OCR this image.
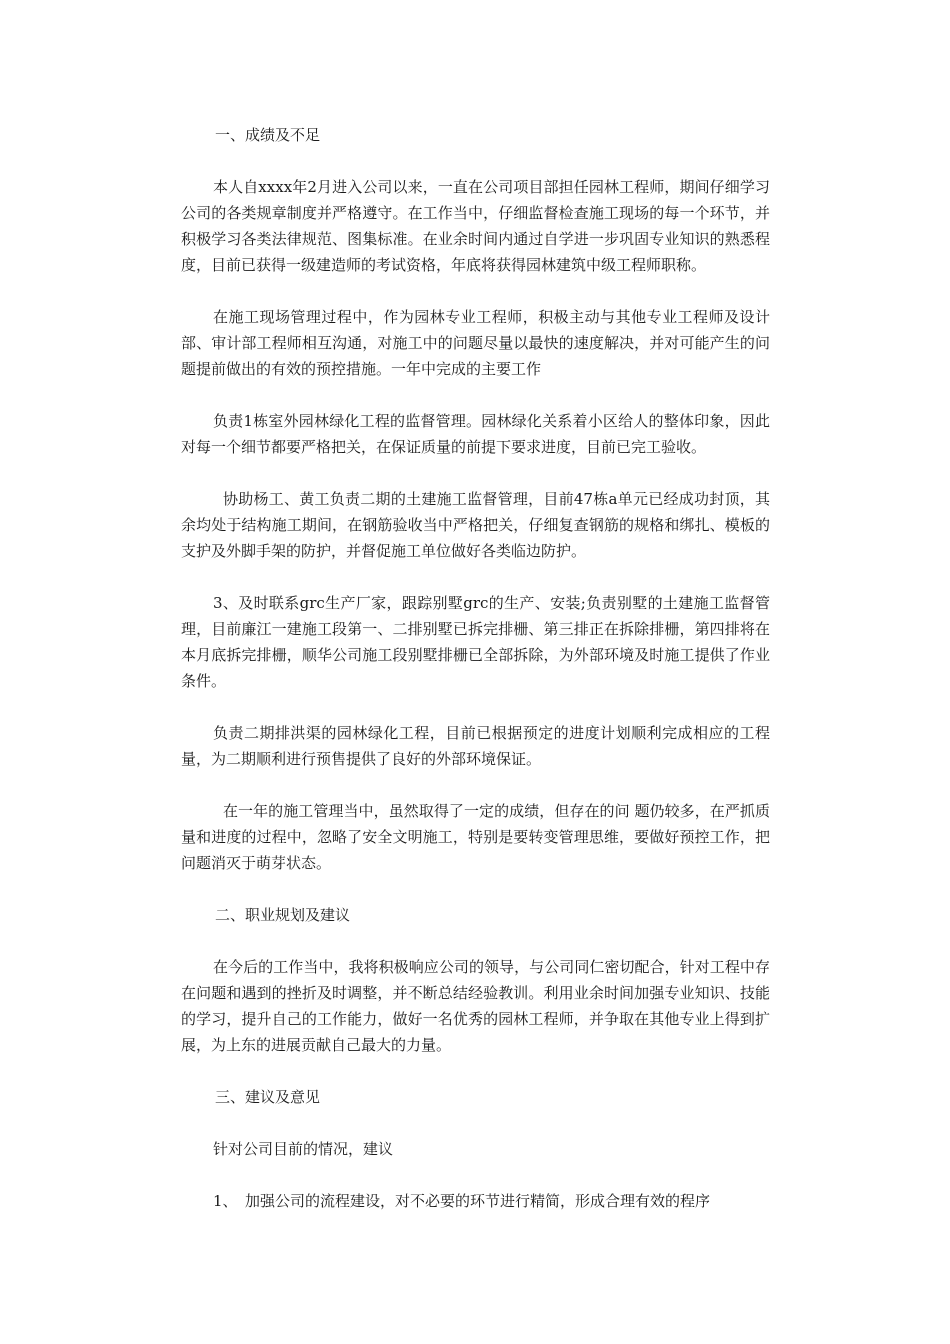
一、成绩及不足

本人自xxxx年2月进入公司以来，一直在公司项目部担任园林工程师，期间仔细学习公司的各类规章制度并严格遵守。在工作当中，仔细监督检查施工现场的每一个环节，并积极学习各类法律规范、图集标准。在业余时间内通过自学进一步巩固专业知识的熟悉程度，目前已获得一级建造师的考试资格，年底将获得园林建筑中级工程师职称。

在施工现场管理过程中，作为园林专业工程师，积极主动与其他专业工程师及设计部、审计部工程师相互沟通，对施工中的问题尽量以最快的速度解决，并对可能产生的问题提前做出的有效的预控措施。一年中完成的主要工作

负责1栋室外园林绿化工程的监督管理。园林绿化关系着小区给人的整体印象，因此对每一个细节都要严格把关，在保证质量的前提下要求进度，目前已完工验收。

协助杨工、黄工负责二期的土建施工监督管理，目前47栋a单元已经成功封顶，其余均处于结构施工期间，在钢筋验收当中严格把关，仔细复查钢筋的规格和绑扎、模板的支护及外脚手架的防护，并督促施工单位做好各类临边防护。

3、及时联系grc生产厂家，跟踪别墅grc的生产、安装;负责别墅的土建施工监督管理，目前廉江一建施工段第一、二排别墅已拆完排栅、第三排正在拆除排栅，第四排将在本月底拆完排栅，顺华公司施工段别墅排栅已全部拆除，为外部环境及时施工提供了作业条件。

负责二期排洪渠的园林绿化工程，目前已根据预定的进度计划顺利完成相应的工程量，为二期顺利进行预售提供了良好的外部环境保证。

在一年的施工管理当中，虽然取得了一定的成绩，但存在的问 题仍较多，在严抓质量和进度的过程中，忽略了安全文明施工，特别是要转变管理思维，要做好预控工作，把问题消灭于萌芽状态。

二、职业规划及建议

在今后的工作当中，我将积极响应公司的领导，与公司同仁密切配合，针对工程中存在问题和遇到的挫折及时调整，并不断总结经验教训。利用业余时间加强专业知识、技能的学习，提升自己的工作能力，做好一名优秀的园林工程师，并争取在其他专业上得到扩展，为上东的进展贡献自己最大的力量。

三、建议及意见

针对公司目前的情况，建议

1、　加强公司的流程建设，对不必要的环节进行精简，形成合理有效的程序
